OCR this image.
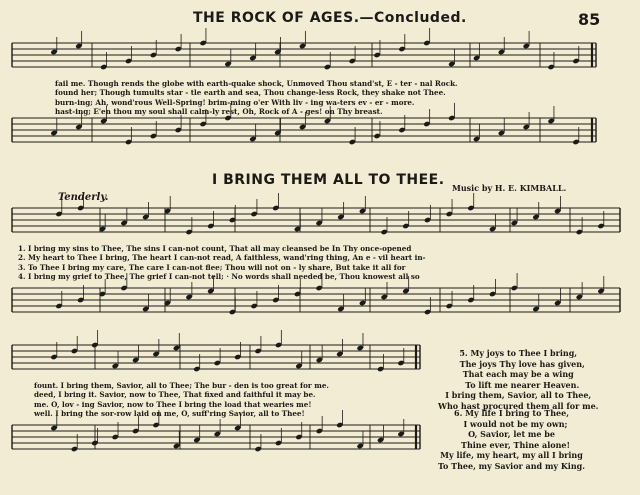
THE ROCK OF AGES.—Concluded.	85
fail me. Though rends the globe with earth-quake shock, Unmoved Thou stand'st, E - ter - nal Rock.
found her; Though tumults star - tle earth and sea, Thou change-less Rock, they shake not Thee.
burn-ing; Ah, wond'rous Well-Spring! brim-ming o'er With liv - ing wa-ters ev - er - more.
hast-ing; E'en thou my soul shall calm-ly rest, Oh, Rock of A - ges! on Thy breast.
I BRING THEM ALL TO THEE. Music by H. E. KIMBALL.
Tenderly.
1. I bring my sins to Thee, The sins I can-not count, That all may cleansed be In Thy once-opened
2. My heart to Thee I bring, The heart I can-not read, A faithless, wand'ring thing, An e - vil heart in-
3. To Thee I bring my care, The care I can-not flee; Thou will not on - ly share, But take it all for
4. I bring my grief to Thee, The grief I can-not tell; · No words shall needed be, Thou knowest all so
fount. I bring them, Savior, all to Thee; The bur - den is too great for me.
deed, I bring it. Savior, now to Thee, That fixed and faithful it may be.
me. O, lov - ing Savior, now to Thee I bring the load that wearies me!
well. I bring the sor-row laid on me, O, suff'ring Savior, all to Thee!
5. My joys to Thee I bring,
The joys Thy love has given,
That each may be a wing
To lift me nearer Heaven.
I bring them, Savior, all to Thee,
Who hast procured them all for me.
6. My life I bring to Thee,
I would not be my own;
O, Savior, let me be
Thine ever, Thine alone!
My life, my heart, my all I bring
To Thee, my Savior and my King.
